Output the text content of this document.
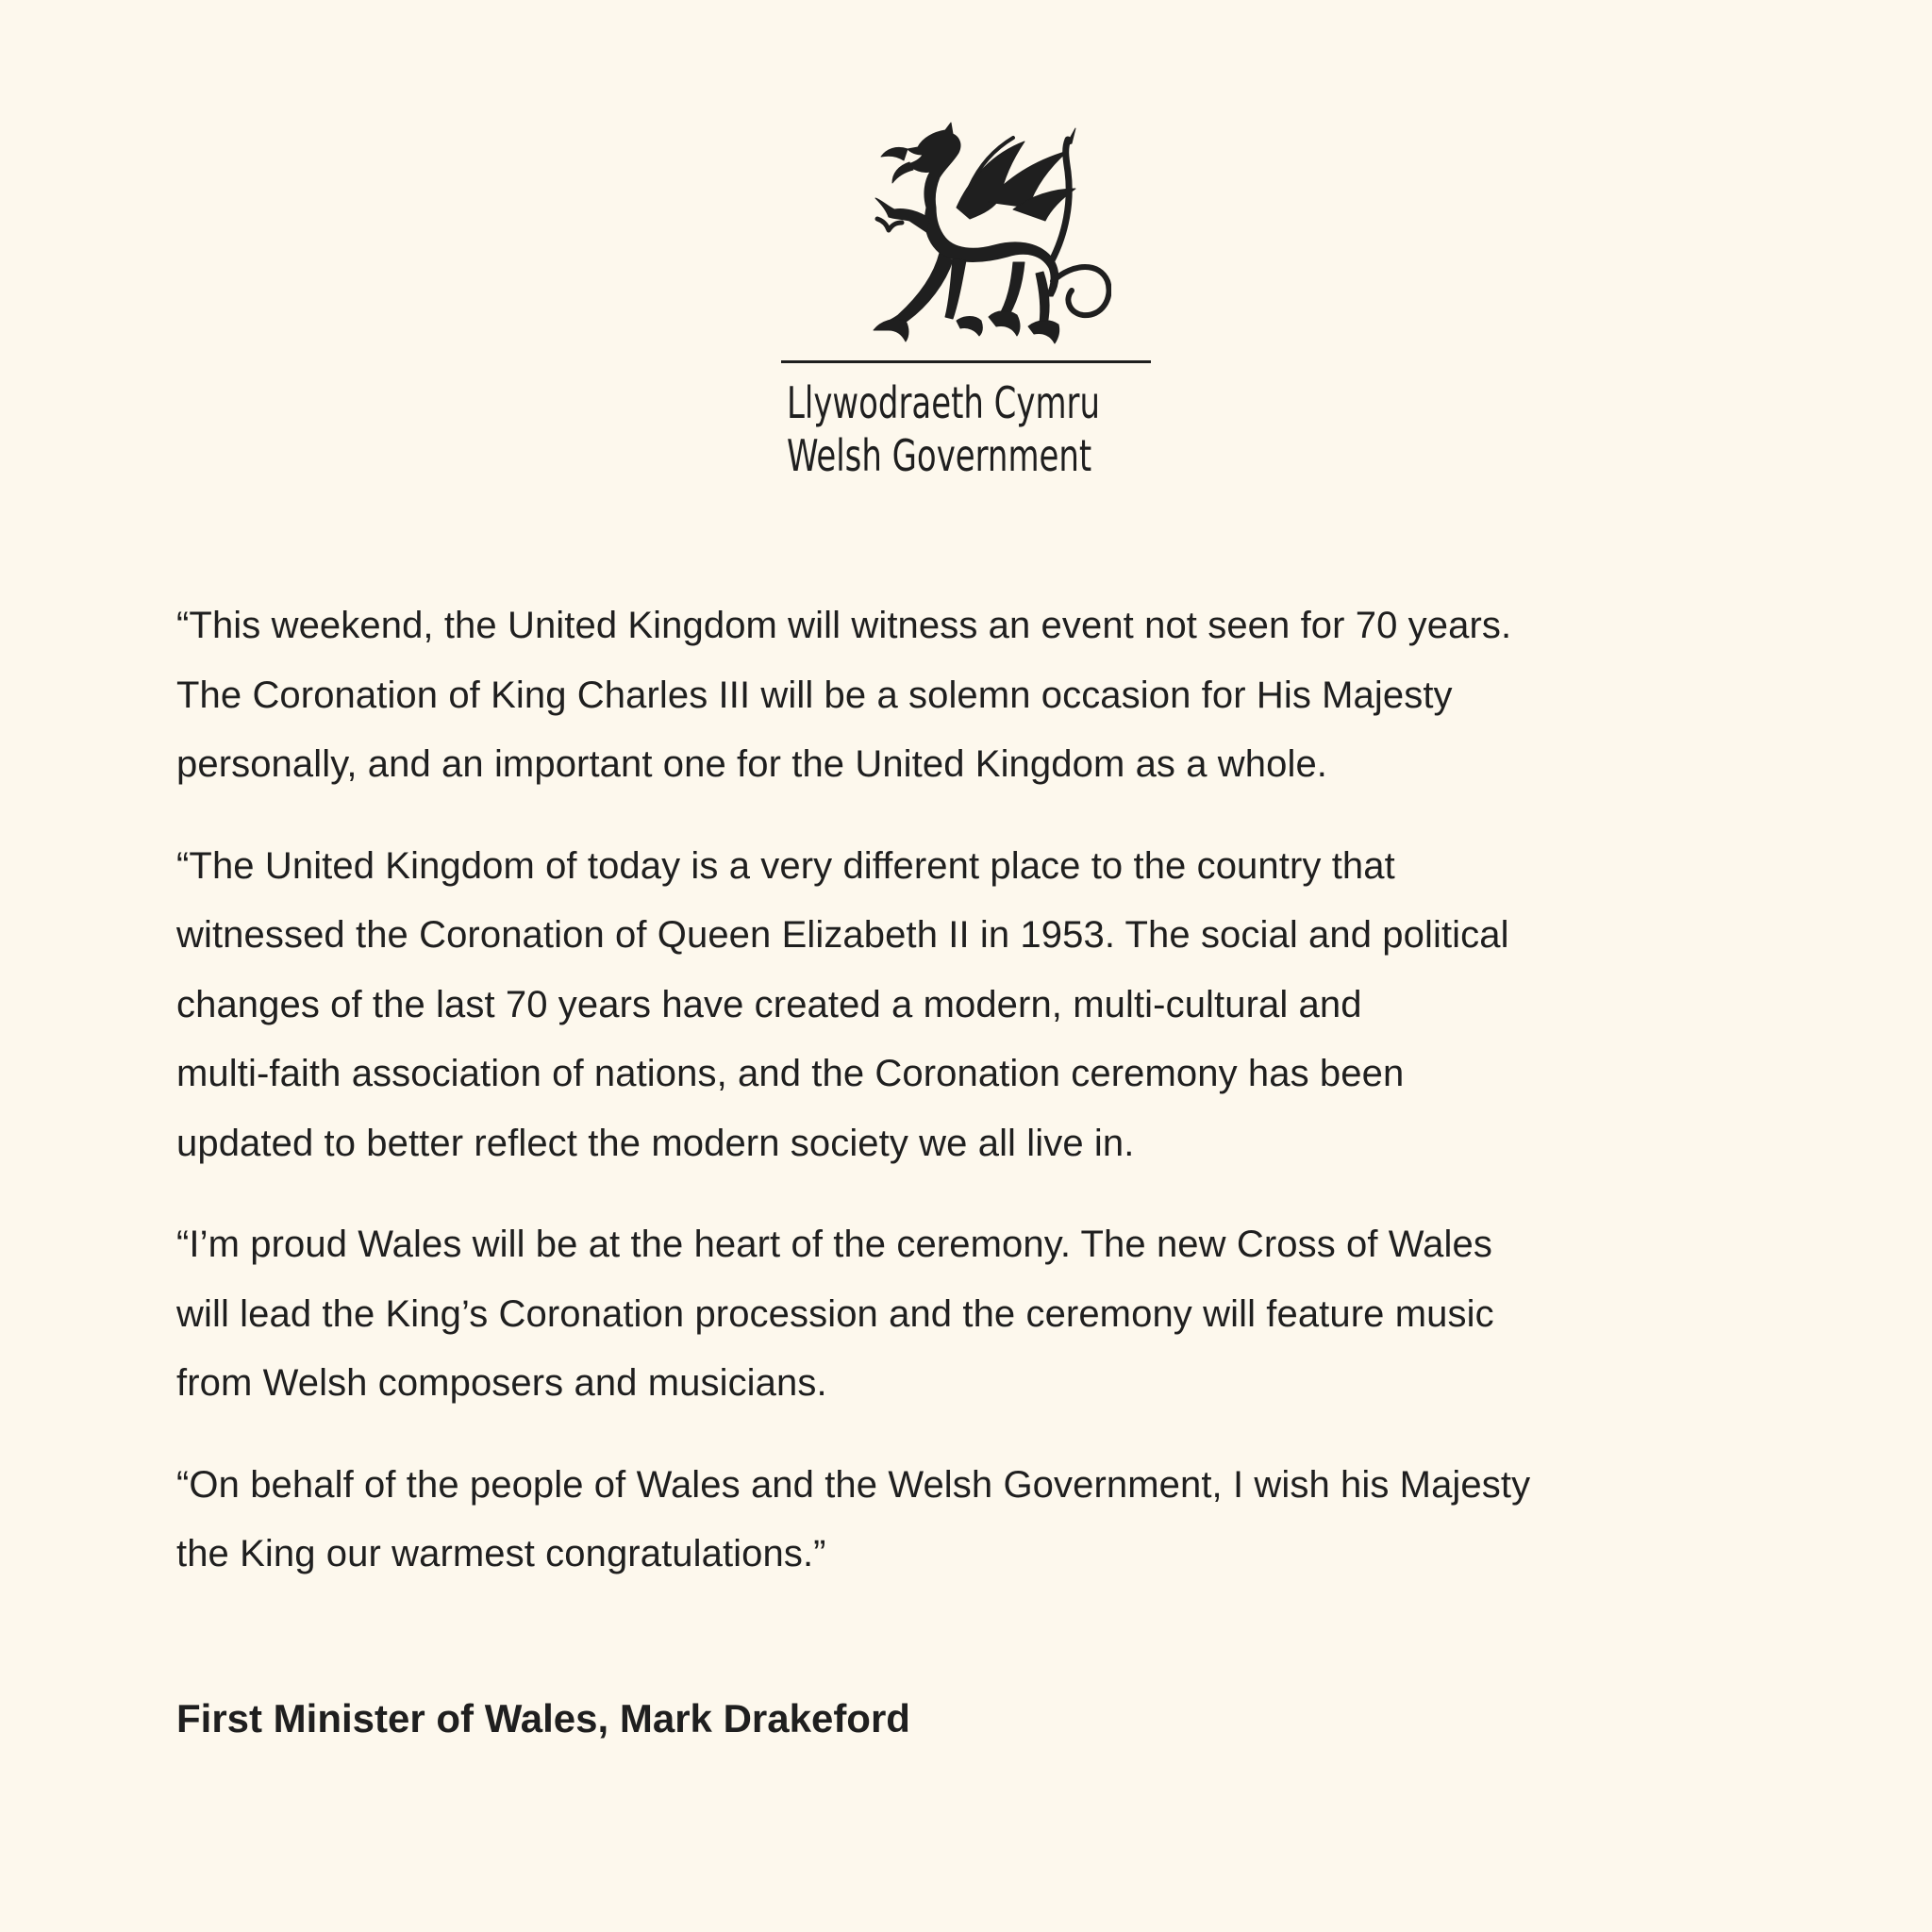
Llywodraeth Cymru
Welsh Government

“This weekend, the United Kingdom will witness an event not seen for 70 years.
The Coronation of King Charles III will be a solemn occasion for His Majesty
personally, and an important one for the United Kingdom as a whole.

“The United Kingdom of today is a very different place to the country that
witnessed the Coronation of Queen Elizabeth II in 1953. The social and political
changes of the last 70 years have created a modern, multi-cultural and
multi-faith association of nations, and the Coronation ceremony has been
updated to better reflect the modern society we all live in.

“I’m proud Wales will be at the heart of the ceremony. The new Cross of Wales
will lead the King’s Coronation procession and the ceremony will feature music
from Welsh composers and musicians.

“On behalf of the people of Wales and the Welsh Government, I wish his Majesty
the King our warmest congratulations.”

First Minister of Wales, Mark Drakeford
